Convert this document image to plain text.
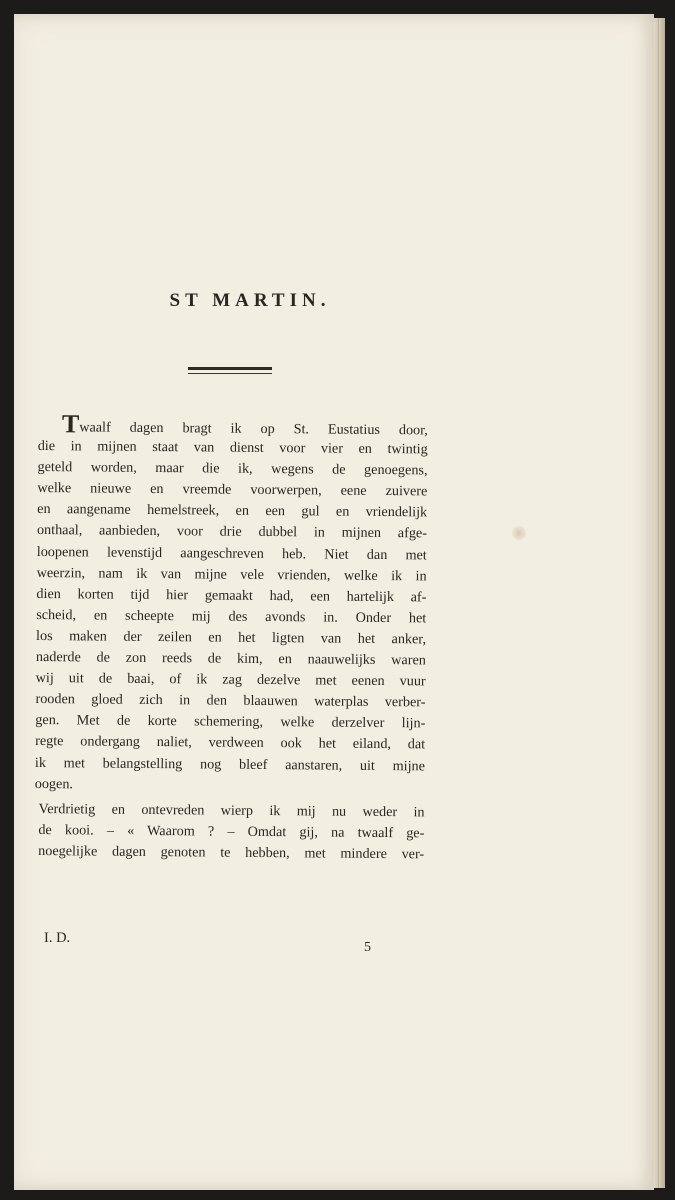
ST MARTIN.
Twaalf dagen bragt ik op St. Eustatius door,
die in mijnen staat van dienst voor vier en twintig
geteld worden, maar die ik, wegens de genoegens,
welke nieuwe en vreemde voorwerpen, eene zuivere
en aangename hemelstreek, en een gul en vriendelijk
onthaal, aanbieden, voor drie dubbel in mijnen afge-
loopenen levenstijd aangeschreven heb. Niet dan met
weerzin, nam ik van mijne vele vrienden, welke ik in
dien korten tijd hier gemaakt had, een hartelijk af-
scheid, en scheepte mij des avonds in. Onder het
los maken der zeilen en het ligten van het anker,
naderde de zon reeds de kim, en naauwelijks waren
wij uit de baai, of ik zag dezelve met eenen vuur
rooden gloed zich in den blaauwen waterplas verber-
gen. Met de korte schemering, welke derzelver lijn-
regte ondergang naliet, verdween ook het eiland, dat
ik met belangstelling nog bleef aanstaren, uit mijne
oogen.
Verdrietig en ontevreden wierp ik mij nu weder in
de kooi. – « Waarom ? – Omdat gij, na twaalf ge-
noegelijke dagen genoten te hebben, met mindere ver-
I. D.
5
